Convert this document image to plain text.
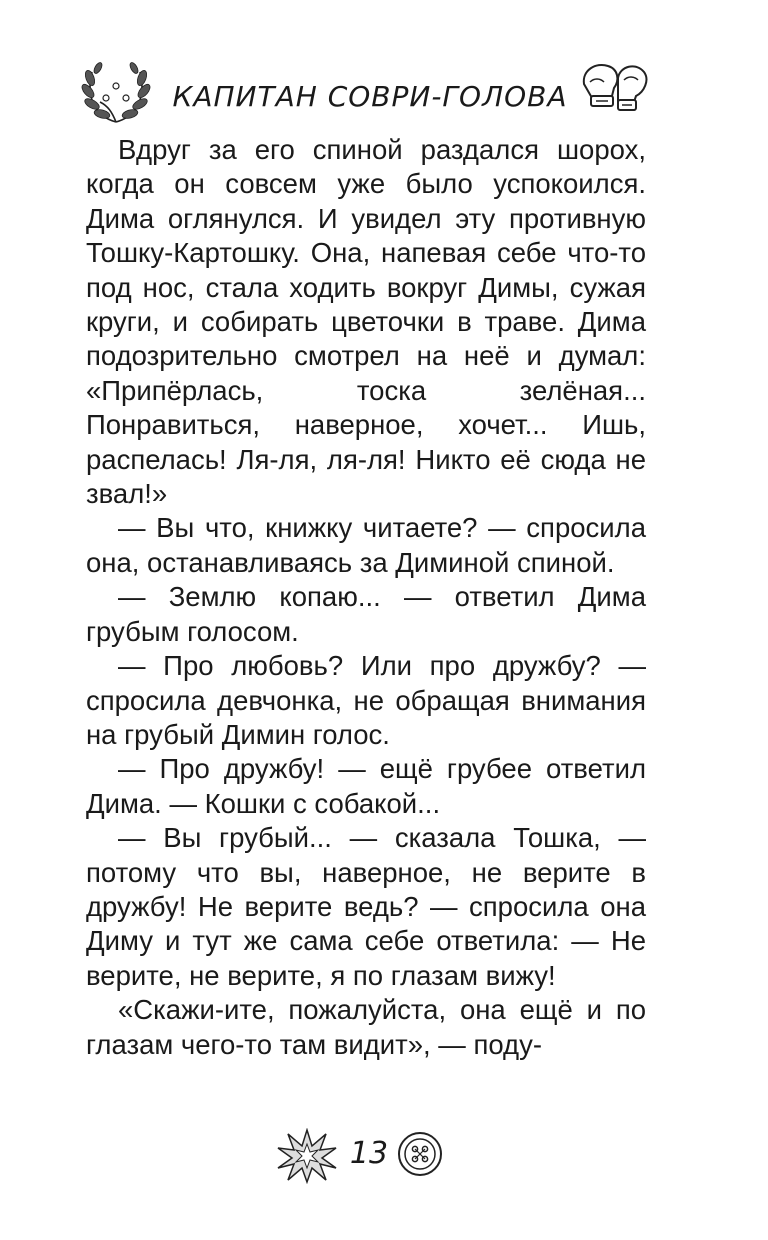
КАПИТАН СОВРИ-ГОЛОВА

Вдруг за его спиной раздался шорох, когда он совсем уже было успокоился. Дима оглянулся. И увидел эту противную Тошку-Картошку. Она, напевая себе что-то под нос, стала ходить вокруг Димы, сужая круги, и собирать цветочки в траве. Дима подозрительно смотрел на неё и думал: «Припёрлась, тоска зелёная... Понравиться, наверное, хочет... Ишь, распелась! Ля-ля, ля-ля! Никто её сюда не звал!»

— Вы что, книжку читаете? — спросила она, останавливаясь за Диминой спиной.

— Землю копаю... — ответил Дима грубым голосом.

— Про любовь? Или про дружбу? — спросила девчонка, не обращая внимания на грубый Димин голос.

— Про дружбу! — ещё грубее ответил Дима. — Кошки с собакой...

— Вы грубый... — сказала Тошка, — потому что вы, наверное, не верите в дружбу! Не верите ведь? — спросила она Диму и тут же сама себе ответила: — Не верите, не верите, я по глазам вижу!

«Скажи-ите, пожалуйста, она ещё и по глазам чего-то там видит», — поду-

13
